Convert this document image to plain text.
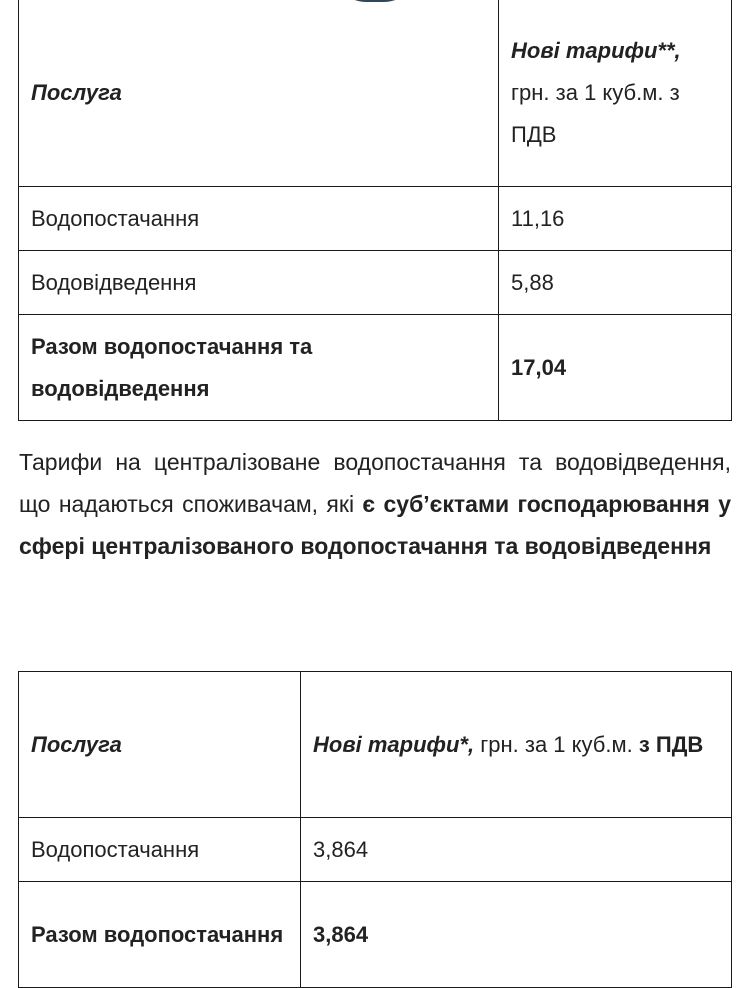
Послуга	Нові тарифи**, грн. за 1 куб.м. з ПДВ
Водопостачання	11,16
Водовідведення	5,88
Разом водопостачання та водовідведення	17,04
Тарифи на централізоване водопостачання та водовідведення, що надаються споживачам, які є суб’єктами господарювання у сфері централізованого водопостачання та водовідведення
Послуга	Нові тарифи*, грн. за 1 куб.м. з ПДВ
Водопостачання	3,864
Разом водопостачання	3,864
